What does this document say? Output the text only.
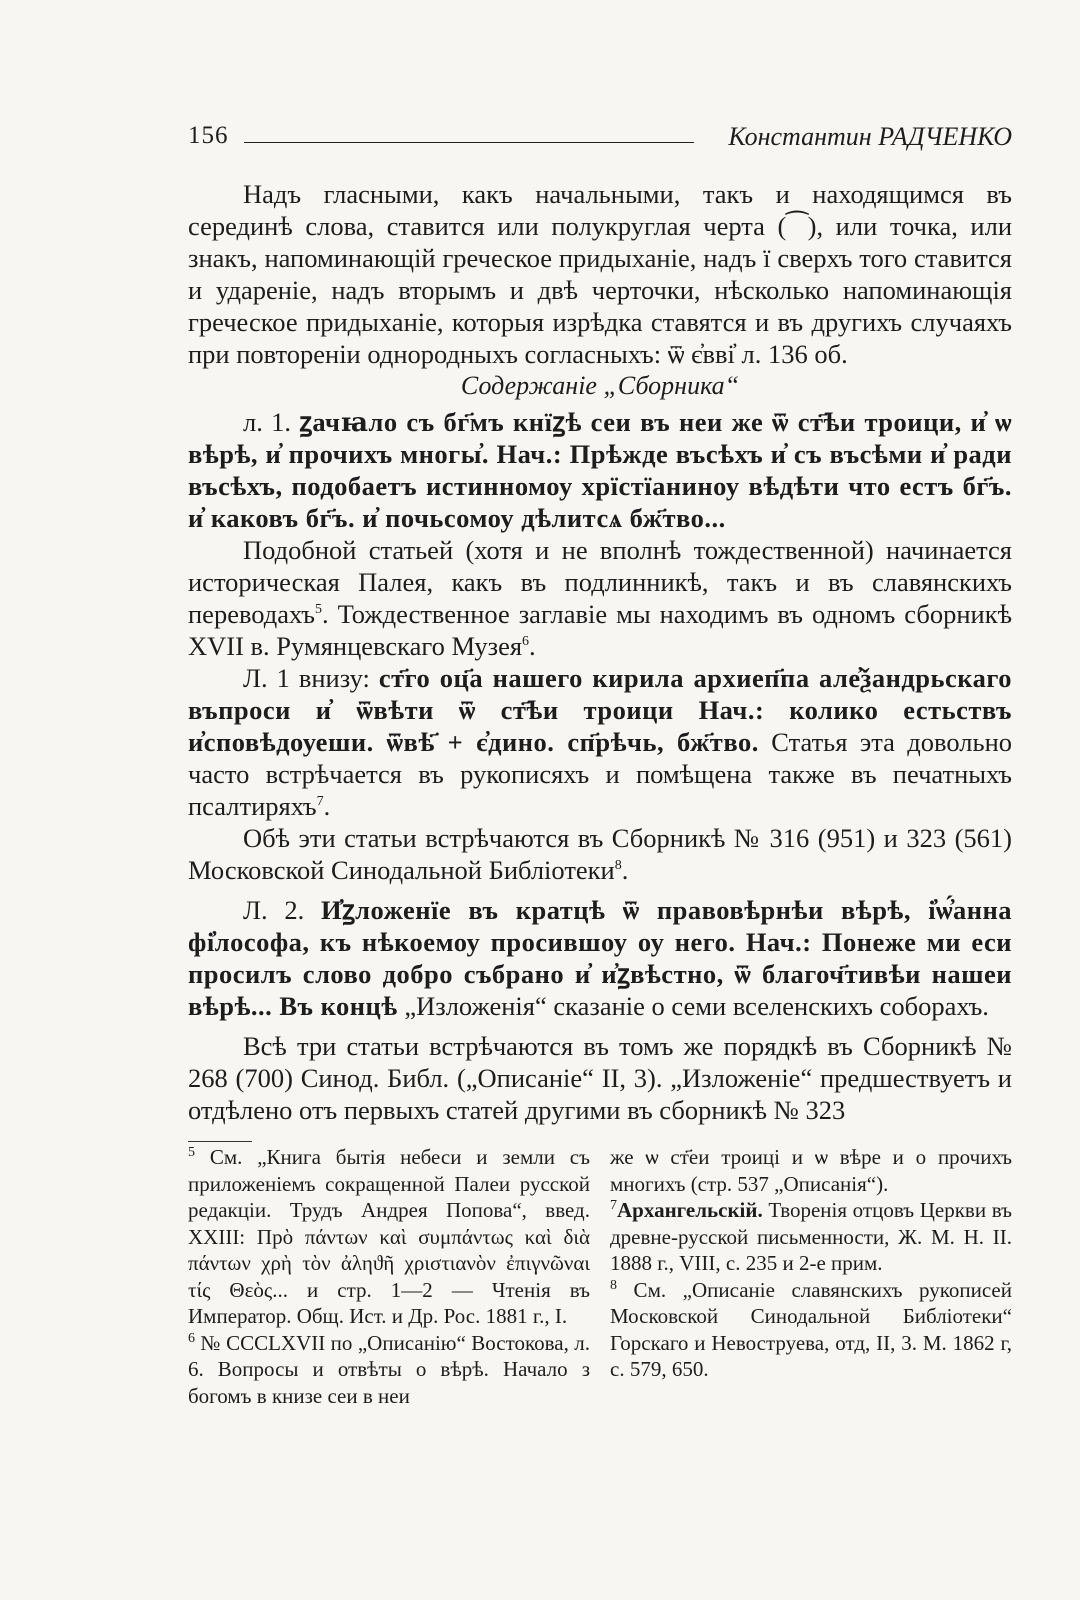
156	Константин РАДЧЕНКО

Надъ гласными, какъ начальными, такъ и находящимся въ серединѣ слова, ставится или полукруглая черта (⁀), или точка, или знакъ, напоминающій греческое придыханіе, надъ ї сверхъ того ставится и удареніе, надъ вторымъ и двѣ черточки, нѣсколько напоминающія греческое придыханіе, которыя изрѣдка ставятся и въ другихъ случаяхъ при повтореніи однородныхъ согласныхъ: ѿ є҆вві҆ л. 136 об.

Содержаніе „Сборника“

л. 1. ꙁачꙗло съ бг҃мъ кнїꙁѣ сеи въ неи же ѿ ст҃ѣи троици, и҆ ѡ вѣрѣ, и҆ прочихъ многы҆. Нач.: Прѣжде въсѣхъ и҆ съ въсѣми и҆ ради въсѣхъ, подобаетъ истинномоу хрїстїаниноу вѣдѣти что естъ бг҃ъ. и҆ каковъ бг҃ъ. и҆ почьсомоу дѣлитсѧ бж҃тво...

Подобной статьей (хотя и не вполнѣ тождественной) начинается историческая Палея, какъ въ подлинникѣ, такъ и въ славянскихъ переводахъ$^5$. Тождественное заглавіе мы находимъ въ одномъ сборникѣ XVII в. Румянцевскаго Музея$^6$.

Л. 1 внизу: ст҃го оц҃а нашего кирила архиеп҃па але҆ѯандрьскаго въпроси и҆ ѿвѣти ѿ ст҃ѣи троици Нач.: колико естьствъ и҆сповѣдоуеши. ѿвѣ҃ + є҆дино. сп҃рѣчь, бж҃тво. Статья эта довольно часто встрѣчается въ рукописяхъ и помѣщена также въ печатныхъ псалтиряхъ$^7$.

Обѣ эти статьи встрѣчаются въ Сборникѣ № 316 (951) и 323 (561) Московской Синодальной Библіотеки$^8$.

Л. 2. И҆ꙁложенїе въ кратцѣ ѿ правовѣрнѣи вѣрѣ, і҆ѡ҆́анна фі҆лософа, къ нѣкоемоу просившоу оу него. Нач.: Понеже ми еси просилъ слово добро събрано и҆ и҆ꙁвѣстно, ѿ благоч҃тивѣи нашеи вѣрѣ... Въ концѣ „Изложенія“ сказаніе о семи вселенскихъ соборахъ.

Всѣ три статьи встрѣчаются въ томъ же порядкѣ въ Сборникѣ № 268 (700) Синод. Библ. („Описаніе“ II, 3). „Изложеніе“ предшествуетъ и отдѣлено отъ первыхъ статей другими въ сборникѣ № 323

$^5$ См. „Книга бытія небеси и земли съ приложеніемъ сокращенной Палеи русской редакціи. Трудъ Андрея Попова“, введ. XXIII: Прὸ πάντων καὶ συμπάντως καὶ διὰ πάντων χρὴ τὸν ἀληϑῆ χριστιανὸν ἐπιγνῶναι τίς Θεὸς... и стр. 1—2 — Чтенія въ Император. Общ. Ист. и Др. Рос. 1881 г., I.

$^6$ № CCCLXVII по „Описанію“ Востокова, л. 6. Вопросы и отвѣты о вѣрѣ. Начало з богомъ в книзе сеи в неи

же ѡ ст҃еи троиці и ѡ вѣре и о прочихъ многихъ (стр. 537 „Описанія“).

$^7$Архангельскій. Творенія отцовъ Церкви въ древне-русской письменности, Ж. М. Н. II. 1888 г., VIII, с. 235 и 2-е прим.

$^8$ См. „Описаніе славянскихъ рукописей Московской Синодальной Библіотеки“ Горскаго и Невоструева, отд, II, 3. М. 1862 г, с. 579, 650.
